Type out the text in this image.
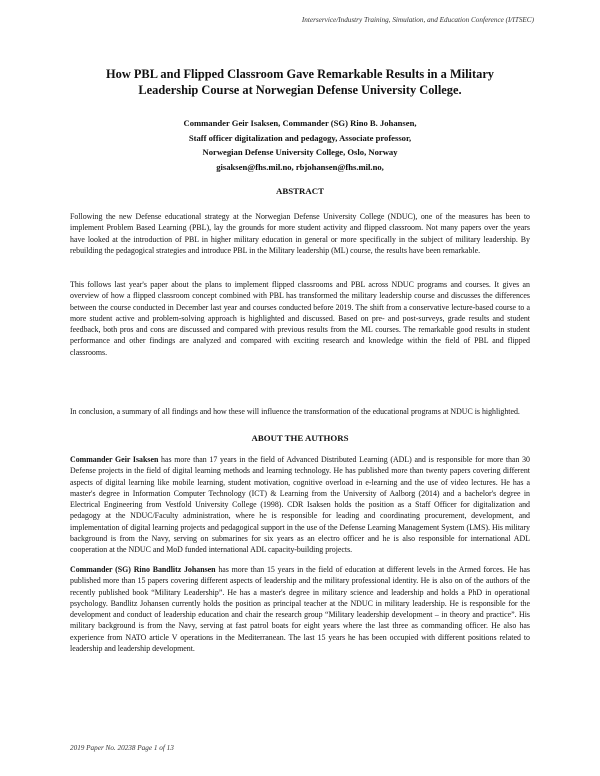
Interservice/Industry Training, Simulation, and Education Conference (I/ITSEC)
How PBL and Flipped Classroom Gave Remarkable Results in a Military
Leadership Course at Norwegian Defense University College.
Commander Geir Isaksen, Commander (SG) Rino B. Johansen,
Staff officer digitalization and pedagogy, Associate professor,
Norwegian Defense University College, Oslo, Norway
gisaksen@fhs.mil.no, rbjohansen@fhs.mil.no,
ABSTRACT

Following the new Defense educational strategy at the Norwegian Defense University College (NDUC), one of the measures has been to implement Problem Based Learning (PBL), lay the grounds for more student activity and flipped classroom. Not many papers over the years have looked at the introduction of PBL in higher military education in general or more specifically in the subject of military leadership. By rebuilding the pedagogical strategies and introduce PBL in the Military leadership (ML) course, the results have been remarkable.

This follows last year's paper about the plans to implement flipped classrooms and PBL across NDUC programs and courses. It gives an overview of how a flipped classroom concept combined with PBL has transformed the military leadership course and discusses the differences between the course conducted in December last year and courses conducted before 2019. The shift from a conservative lecture-based course to a more student active and problem-solving approach is highlighted and discussed. Based on pre- and post-surveys, grade results and student feedback, both pros and cons are discussed and compared with previous results from the ML courses. The remarkable good results in student performance and other findings are analyzed and compared with exciting research and knowledge within the field of PBL and flipped classrooms.

In conclusion, a summary of all findings and how these will influence the transformation of the educational programs at NDUC is highlighted.

ABOUT THE AUTHORS

Commander Geir Isaksen has more than 17 years in the field of Advanced Distributed Learning (ADL) and is responsible for more than 30 Defense projects in the field of digital learning methods and learning technology. He has published more than twenty papers covering different aspects of digital learning like mobile learning, student motivation, cognitive overload in e-learning and the use of video lectures. He has a master's degree in Information Computer Technology (ICT) & Learning from the University of Aalborg (2014) and a bachelor's degree in Electrical Engineering from Vestfold University College (1998). CDR Isaksen holds the position as a Staff Officer for digitalization and pedagogy at the NDUC/Faculty administration, where he is responsible for leading and coordinating procurement, development, and implementation of digital learning projects and pedagogical support in the use of the Defense Learning Management System (LMS). His military background is from the Navy, serving on submarines for six years as an electro officer and he is also responsible for international ADL cooperation at the NDUC and MoD funded international ADL capacity-building projects.

Commander (SG) Rino Bandlitz Johansen has more than 15 years in the field of education at different levels in the Armed forces. He has published more than 15 papers covering different aspects of leadership and the military professional identity. He is also on of the authors of the recently published book “Military Leadership”. He has a master's degree in military science and leadership and holds a PhD in operational psychology. Bandlitz Johansen currently holds the position as principal teacher at the NDUC in military leadership. He is responsible for the development and conduct of leadership education and chair the research group “Military leadership development – in theory and practice”. His military background is from the Navy, serving at fast patrol boats for eight years where the last three as commanding officer. He also has experience from NATO article V operations in the Mediterranean. The last 15 years he has been occupied with different positions related to leadership and leadership development.

2019 Paper No. 20238 Page 1 of 13
